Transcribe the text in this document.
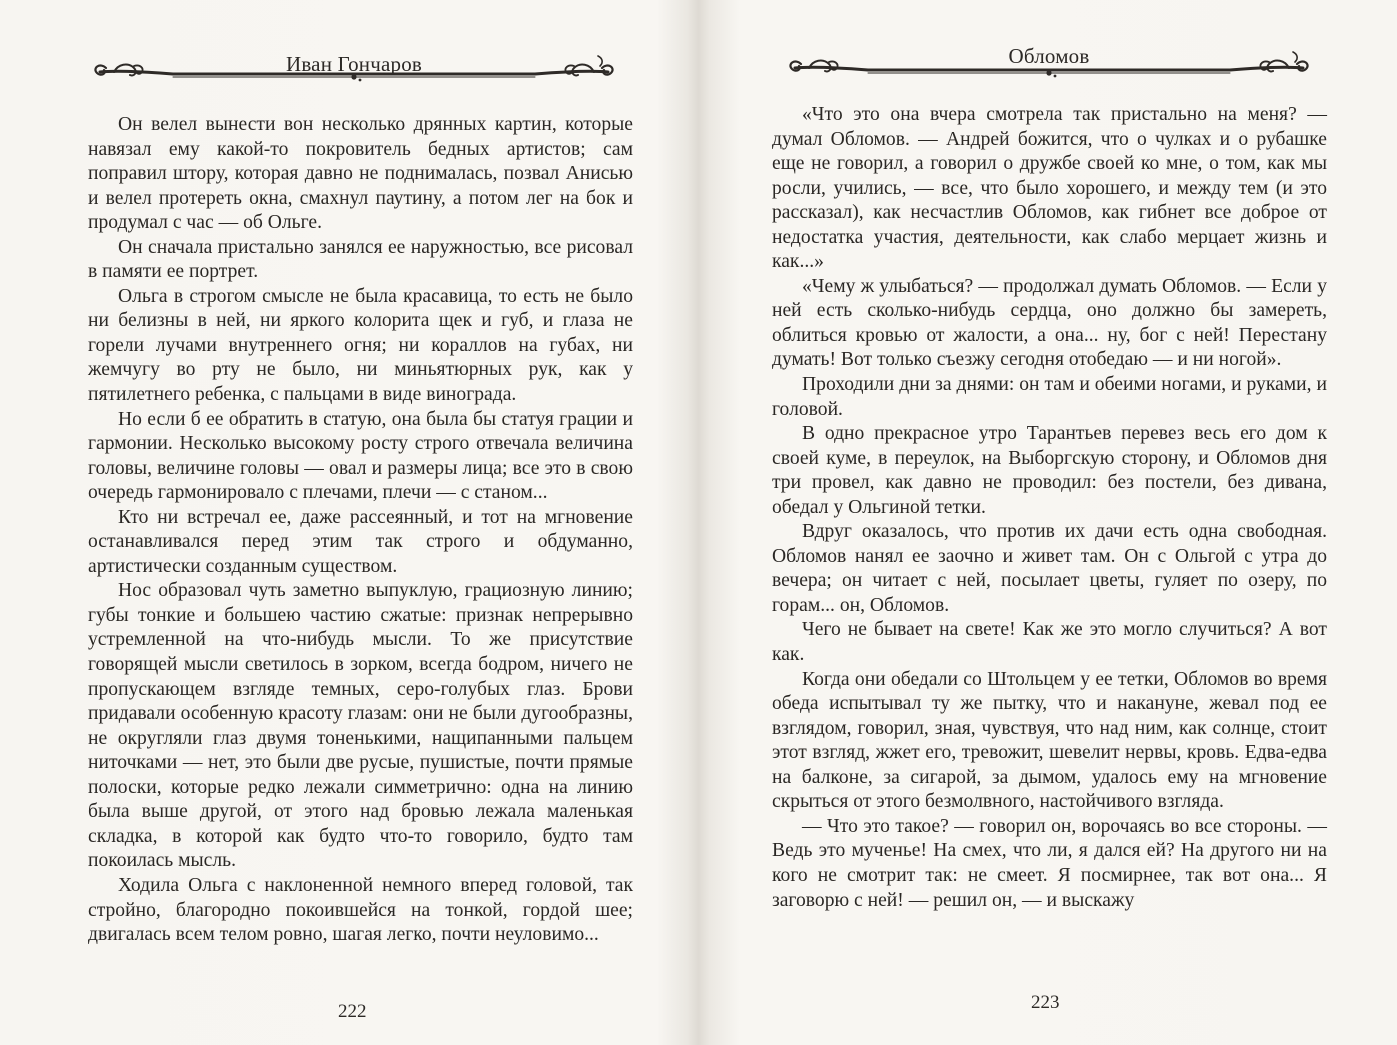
Иван Гончаров

Он велел вынести вон несколько дрянных картин, которые навязал ему какой-то покровитель бедных артистов; сам поправил штору, которая давно не поднималась, позвал Анисью и велел протереть окна, смахнул паутину, а потом лег на бок и продумал с час — об Ольге.

Он сначала пристально занялся ее наружностью, все рисовал в памяти ее портрет.

Ольга в строгом смысле не была красавица, то есть не было ни белизны в ней, ни яркого колорита щек и губ, и глаза не горели лучами внутреннего огня; ни кораллов на губах, ни жемчугу во рту не было, ни миньятюрных рук, как у пятилетнего ребенка, с пальцами в виде винограда.

Но если б ее обратить в статую, она была бы статуя грации и гармонии. Несколько высокому росту строго отвечала величина головы, величине головы — овал и размеры лица; все это в свою очередь гармонировало с плечами, плечи — с станом...

Кто ни встречал ее, даже рассеянный, и тот на мгновение останавливался перед этим так строго и обдуманно, артистически созданным существом.

Нос образовал чуть заметно выпуклую, грациозную линию; губы тонкие и большею частию сжатые: признак непрерывно устремленной на что-нибудь мысли. То же присутствие говорящей мысли светилось в зорком, всегда бодром, ничего не пропускающем взгляде темных, серо-голубых глаз. Брови придавали особенную красоту глазам: они не были дугообразны, не округляли глаз двумя тоненькими, нащипанными пальцем ниточками — нет, это были две русые, пушистые, почти прямые полоски, которые редко лежали симметрично: одна на линию была выше другой, от этого над бровью лежала маленькая складка, в которой как будто что-то говорило, будто там покоилась мысль.

Ходила Ольга с наклоненной немного вперед головой, так стройно, благородно покоившейся на тонкой, гордой шее; двигалась всем телом ровно, шагая легко, почти неуловимо...

222
Обломов

«Что это она вчера смотрела так пристально на меня? — думал Обломов. — Андрей божится, что о чулках и о рубашке еще не говорил, а говорил о дружбе своей ко мне, о том, как мы росли, учились, — все, что было хорошего, и между тем (и это рассказал), как несчастлив Обломов, как гибнет все доброе от недостатка участия, деятельности, как слабо мерцает жизнь и как...»

«Чему ж улыбаться? — продолжал думать Обломов. — Если у ней есть сколько-нибудь сердца, оно должно бы замереть, облиться кровью от жалости, а она... ну, бог с ней! Перестану думать! Вот только съезжу сегодня отобедаю — и ни ногой».

Проходили дни за днями: он там и обеими ногами, и руками, и головой.

В одно прекрасное утро Тарантьев перевез весь его дом к своей куме, в переулок, на Выборгскую сторону, и Обломов дня три провел, как давно не проводил: без постели, без дивана, обедал у Ольгиной тетки.

Вдруг оказалось, что против их дачи есть одна свободная. Обломов нанял ее заочно и живет там. Он с Ольгой с утра до вечера; он читает с ней, посылает цветы, гуляет по озеру, по горам... он, Обломов.

Чего не бывает на свете! Как же это могло случиться? А вот как.

Когда они обедали со Штольцем у ее тетки, Обломов во время обеда испытывал ту же пытку, что и накануне, жевал под ее взглядом, говорил, зная, чувствуя, что над ним, как солнце, стоит этот взгляд, жжет его, тревожит, шевелит нервы, кровь. Едва-едва на балконе, за сигарой, за дымом, удалось ему на мгновение скрыться от этого безмолвного, настойчивого взгляда.

— Что это такое? — говорил он, ворочаясь во все стороны. — Ведь это мученье! На смех, что ли, я дался ей? На другого ни на кого не смотрит так: не смеет. Я посмирнее, так вот она... Я заговорю с ней! — решил он, — и выскажу

223
